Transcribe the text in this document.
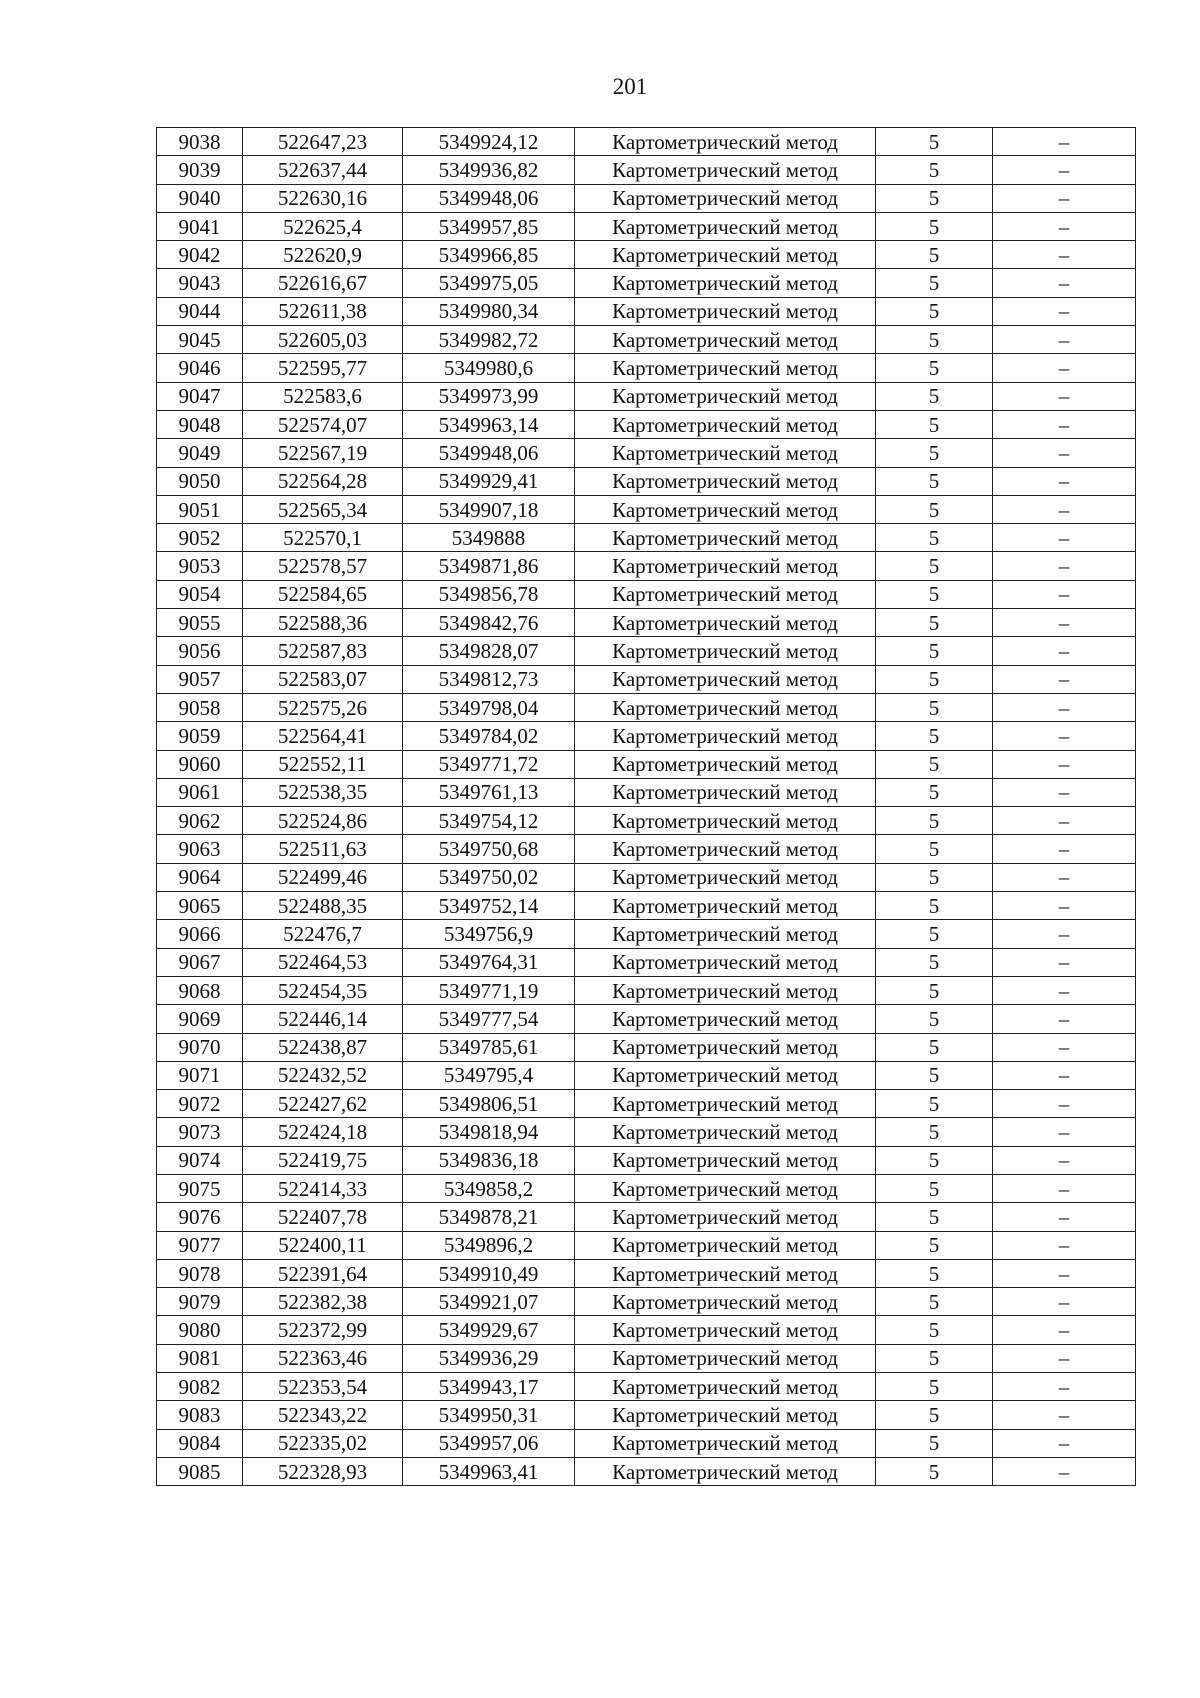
201
9038	522647,23	5349924,12	Картометрический метод	5	–
9039	522637,44	5349936,82	Картометрический метод	5	–
9040	522630,16	5349948,06	Картометрический метод	5	–
9041	522625,4	5349957,85	Картометрический метод	5	–
9042	522620,9	5349966,85	Картометрический метод	5	–
9043	522616,67	5349975,05	Картометрический метод	5	–
9044	522611,38	5349980,34	Картометрический метод	5	–
9045	522605,03	5349982,72	Картометрический метод	5	–
9046	522595,77	5349980,6	Картометрический метод	5	–
9047	522583,6	5349973,99	Картометрический метод	5	–
9048	522574,07	5349963,14	Картометрический метод	5	–
9049	522567,19	5349948,06	Картометрический метод	5	–
9050	522564,28	5349929,41	Картометрический метод	5	–
9051	522565,34	5349907,18	Картометрический метод	5	–
9052	522570,1	5349888	Картометрический метод	5	–
9053	522578,57	5349871,86	Картометрический метод	5	–
9054	522584,65	5349856,78	Картометрический метод	5	–
9055	522588,36	5349842,76	Картометрический метод	5	–
9056	522587,83	5349828,07	Картометрический метод	5	–
9057	522583,07	5349812,73	Картометрический метод	5	–
9058	522575,26	5349798,04	Картометрический метод	5	–
9059	522564,41	5349784,02	Картометрический метод	5	–
9060	522552,11	5349771,72	Картометрический метод	5	–
9061	522538,35	5349761,13	Картометрический метод	5	–
9062	522524,86	5349754,12	Картометрический метод	5	–
9063	522511,63	5349750,68	Картометрический метод	5	–
9064	522499,46	5349750,02	Картометрический метод	5	–
9065	522488,35	5349752,14	Картометрический метод	5	–
9066	522476,7	5349756,9	Картометрический метод	5	–
9067	522464,53	5349764,31	Картометрический метод	5	–
9068	522454,35	5349771,19	Картометрический метод	5	–
9069	522446,14	5349777,54	Картометрический метод	5	–
9070	522438,87	5349785,61	Картометрический метод	5	–
9071	522432,52	5349795,4	Картометрический метод	5	–
9072	522427,62	5349806,51	Картометрический метод	5	–
9073	522424,18	5349818,94	Картометрический метод	5	–
9074	522419,75	5349836,18	Картометрический метод	5	–
9075	522414,33	5349858,2	Картометрический метод	5	–
9076	522407,78	5349878,21	Картометрический метод	5	–
9077	522400,11	5349896,2	Картометрический метод	5	–
9078	522391,64	5349910,49	Картометрический метод	5	–
9079	522382,38	5349921,07	Картометрический метод	5	–
9080	522372,99	5349929,67	Картометрический метод	5	–
9081	522363,46	5349936,29	Картометрический метод	5	–
9082	522353,54	5349943,17	Картометрический метод	5	–
9083	522343,22	5349950,31	Картометрический метод	5	–
9084	522335,02	5349957,06	Картометрический метод	5	–
9085	522328,93	5349963,41	Картометрический метод	5	–
